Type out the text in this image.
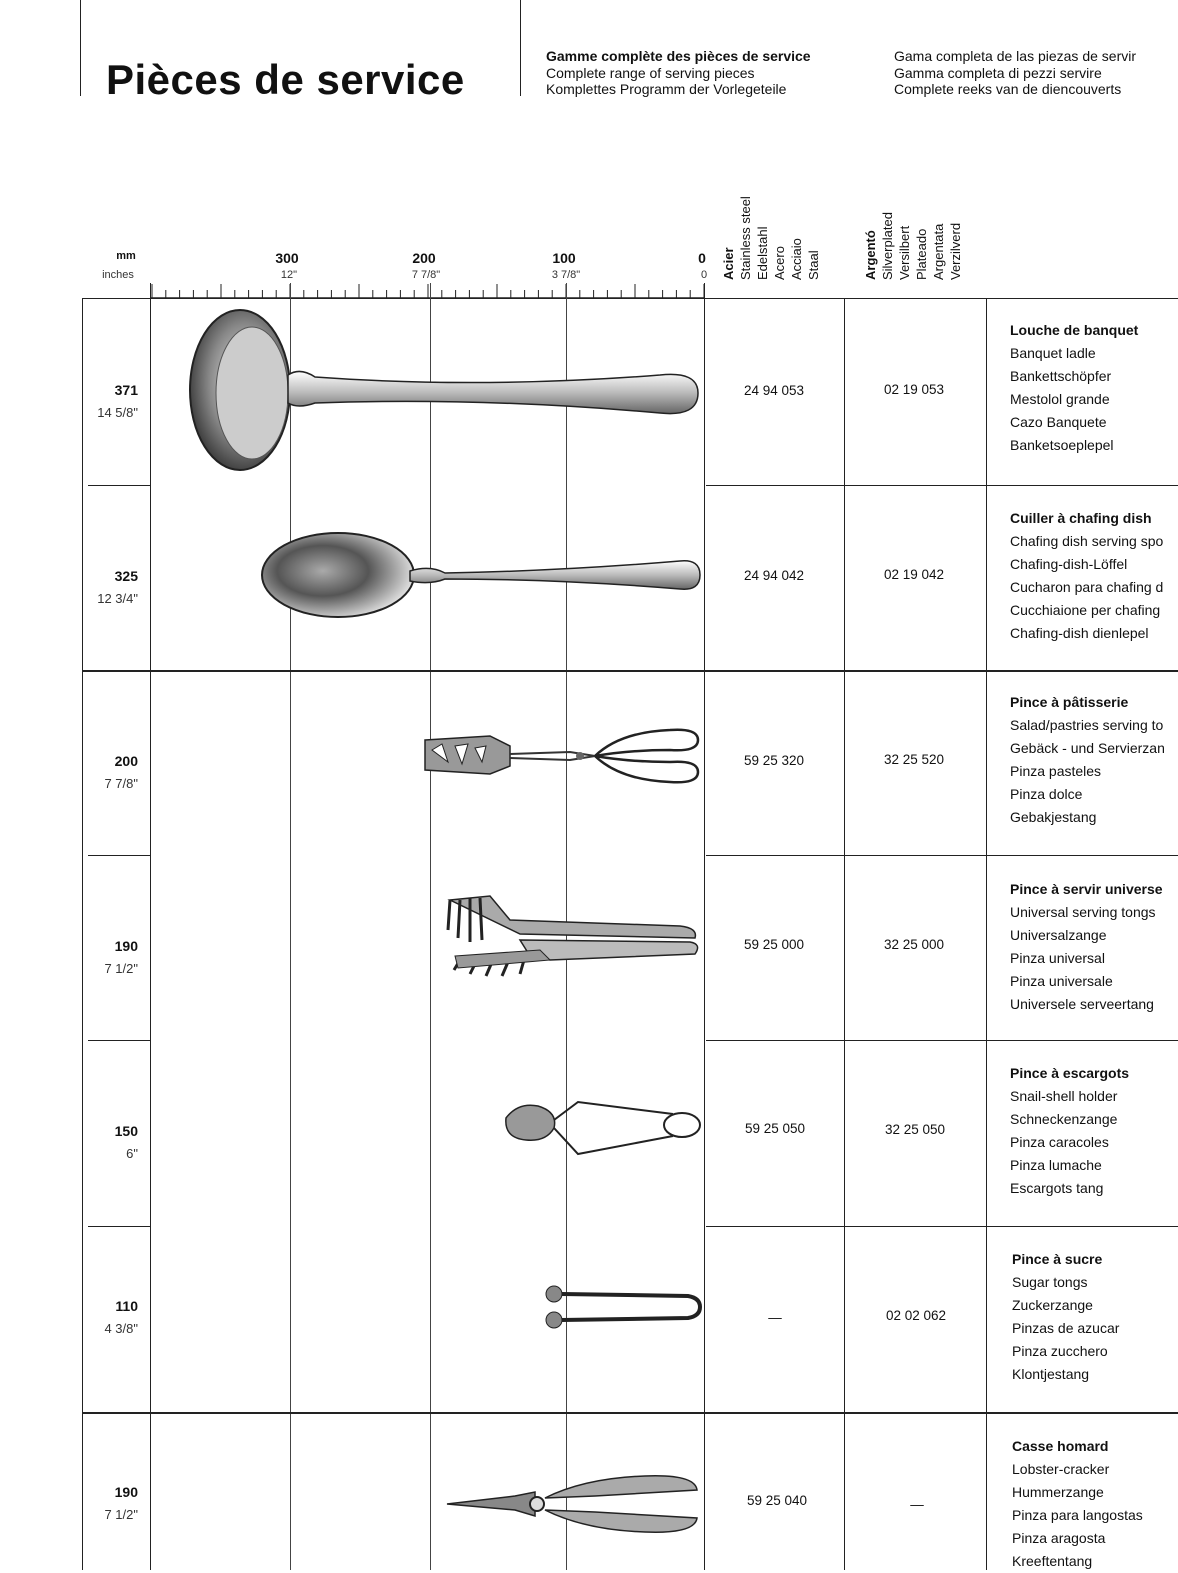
Pièces de service	Gamme complète des pièces de service
Complete range of serving pieces
Komplettes Programm der Vorlegeteile
Gama completa de las piezas de servir
Gamma completa di pezzi servire
Complete reeks van de diencouverts
Acier Stainless steel Edelstahl Acero Acciaio Staal	Argentó Silverplated Versilbert Plateado Argentata Verzilverd
mm
inches
300
12"
200
7 7/8"
100
3 7/8"
0
0
371
14 5/8"
24 94 053	02 19 053
Louche de banquet
Banquet ladle
Bankettschöpfer
Mestolol grande
Cazo Banquete
Banketsoeplepel
325
12 3/4"
24 94 042	02 19 042
Cuiller à chafing dish
Chafing dish serving spo
Chafing-dish-Löffel
Cucharon para chafing d
Cucchiaione per chafing
Chafing-dish dienlepel
200
7 7/8"
59 25 320	32 25 520
Pince à pâtisserie
Salad/pastries serving to
Gebäck - und Servierzan
Pinza pasteles
Pinza dolce
Gebakjestang
190
7 1/2"
59 25 000	32 25 000
Pince à servir universe
Universal serving tongs
Universalzange
Pinza universal
Pinza universale
Universele serveertang
150
6"
59 25 050	32 25 050
Pince à escargots
Snail-shell holder
Schneckenzange
Pinza caracoles
Pinza lumache
Escargots tang
110
4 3/8"
—	02 02 062
Pince à sucre
Sugar tongs
Zuckerzange
Pinzas de azucar
Pinza zucchero
Klontjestang
190
7 1/2"
59 25 040	—
Casse homard
Lobster-cracker
Hummerzange
Pinza para langostas
Pinza aragosta
Kreeftentang
